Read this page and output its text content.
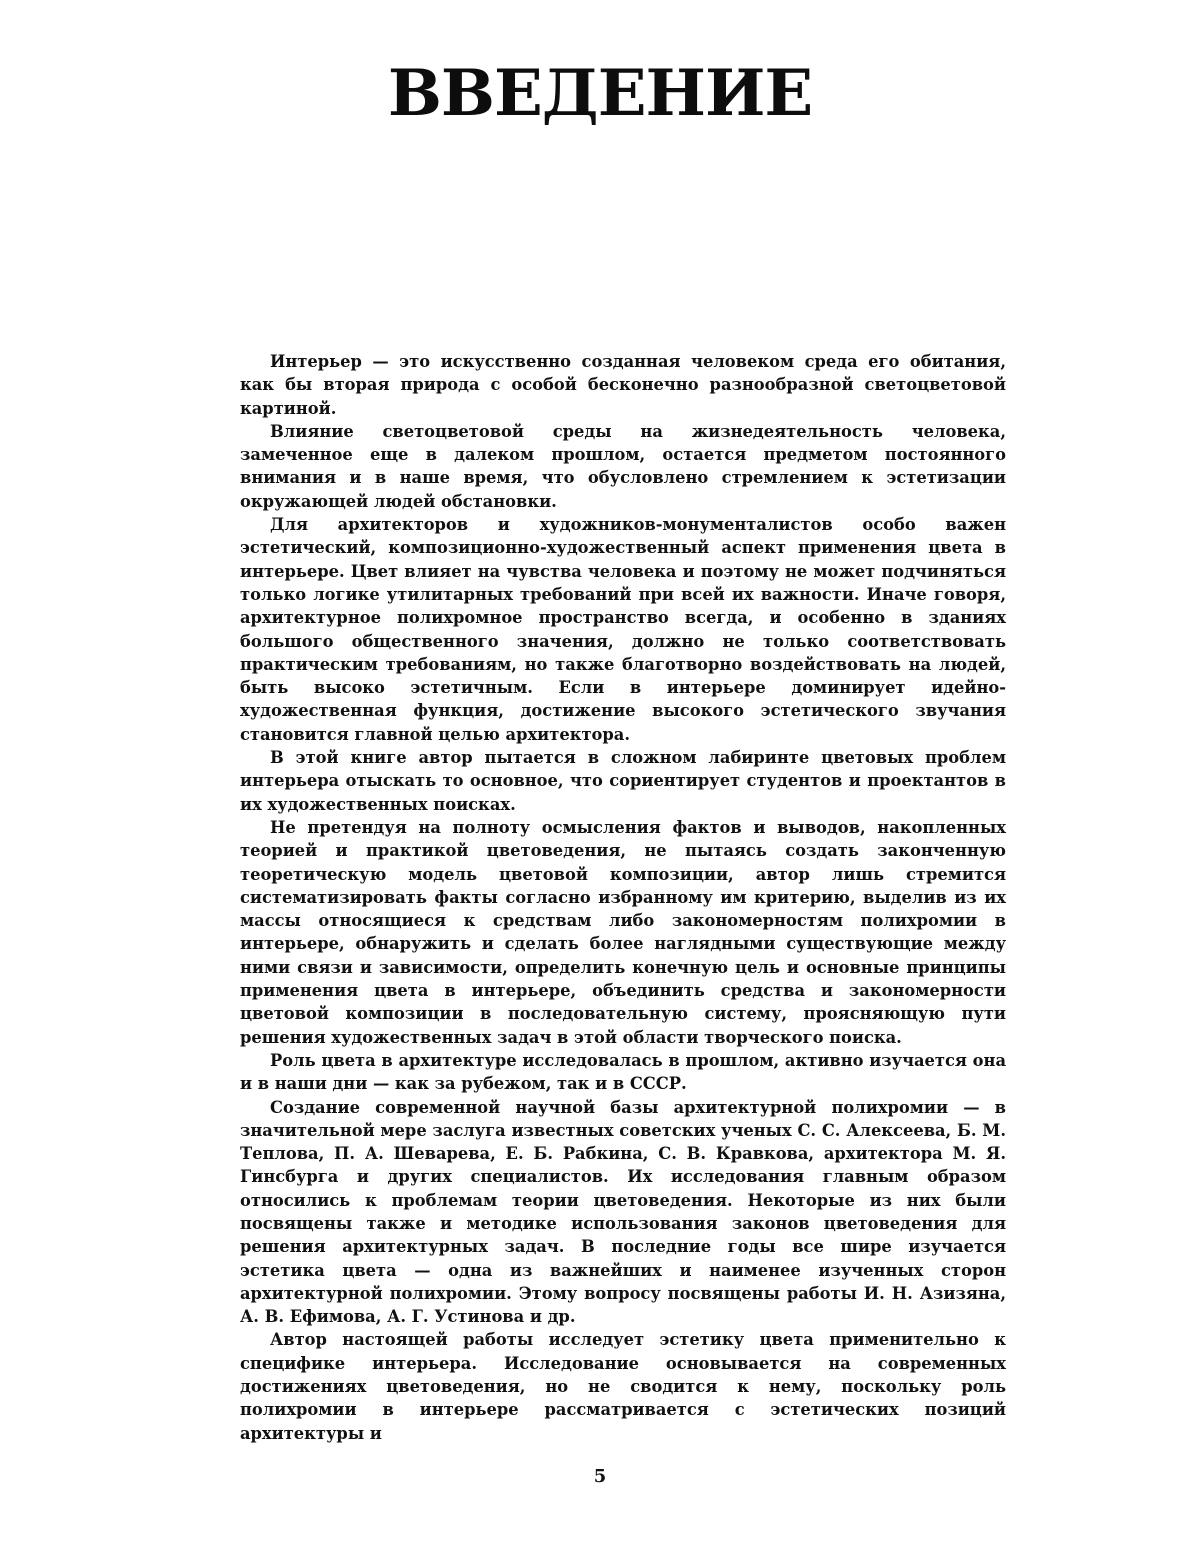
ВВЕДЕНИЕ

Интерьер — это искусственно созданная человеком среда его обитания, как бы вторая природа с особой бесконечно разнообразной светоцветовой картиной.

Влияние светоцветовой среды на жизнедеятельность человека, замеченное еще в далеком прошлом, остается предметом постоянного внимания и в наше время, что обусловлено стремлением к эстетизации окружающей людей обстановки.

Для архитекторов и художников-монументалистов особо важен эстетический, композиционно-художественный аспект применения цвета в интерьере. Цвет влияет на чувства человека и поэтому не может подчиняться только логике утилитарных требований при всей их важности. Иначе говоря, архитектурное полихромное пространство всегда, и особенно в зданиях большого общественного значения, должно не только соответствовать практическим требованиям, но также благотворно воздействовать на людей, быть высоко эстетичным. Если в интерьере доминирует идейно-художественная функция, достижение высокого эстетического звучания становится главной целью архитектора.

В этой книге автор пытается в сложном лабиринте цветовых проблем интерьера отыскать то основное, что сориентирует студентов и проектантов в их художественных поисках.

Не претендуя на полноту осмысления фактов и выводов, накопленных теорией и практикой цветоведения, не пытаясь создать законченную теоретическую модель цветовой композиции, автор лишь стремится систематизировать факты согласно избранному им критерию, выделив из их массы относящиеся к средствам либо закономерностям полихромии в интерьере, обнаружить и сделать более наглядными существующие между ними связи и зависимости, определить конечную цель и основные принципы применения цвета в интерьере, объединить средства и закономерности цветовой композиции в последовательную систему, проясняющую пути решения художественных задач в этой области творческого поиска.

Роль цвета в архитектуре исследовалась в прошлом, активно изучается она и в наши дни — как за рубежом, так и в СССР.

Создание современной научной базы архитектурной полихромии — в значительной мере заслуга известных советских ученых С. С. Алексеева, Б. М. Теплова, П. А. Шеварева, Е. Б. Рабкина, С. В. Кравкова, архитектора М. Я. Гинсбурга и других специалистов. Их исследования главным образом относились к проблемам теории цветоведения. Некоторые из них были посвящены также и методике использования законов цветоведения для решения архитектурных задач. В последние годы все шире изучается эстетика цвета — одна из важнейших и наименее изученных сторон архитектурной полихромии. Этому вопросу посвящены работы И. Н. Азизяна, А. В. Ефимова, А. Г. Устинова и др.

Автор настоящей работы исследует эстетику цвета применительно к специфике интерьера. Исследование основывается на современных достижениях цветоведения, но не сводится к нему, поскольку роль полихромии в интерьере рассматривается с эстетических позиций архитектуры и

5
